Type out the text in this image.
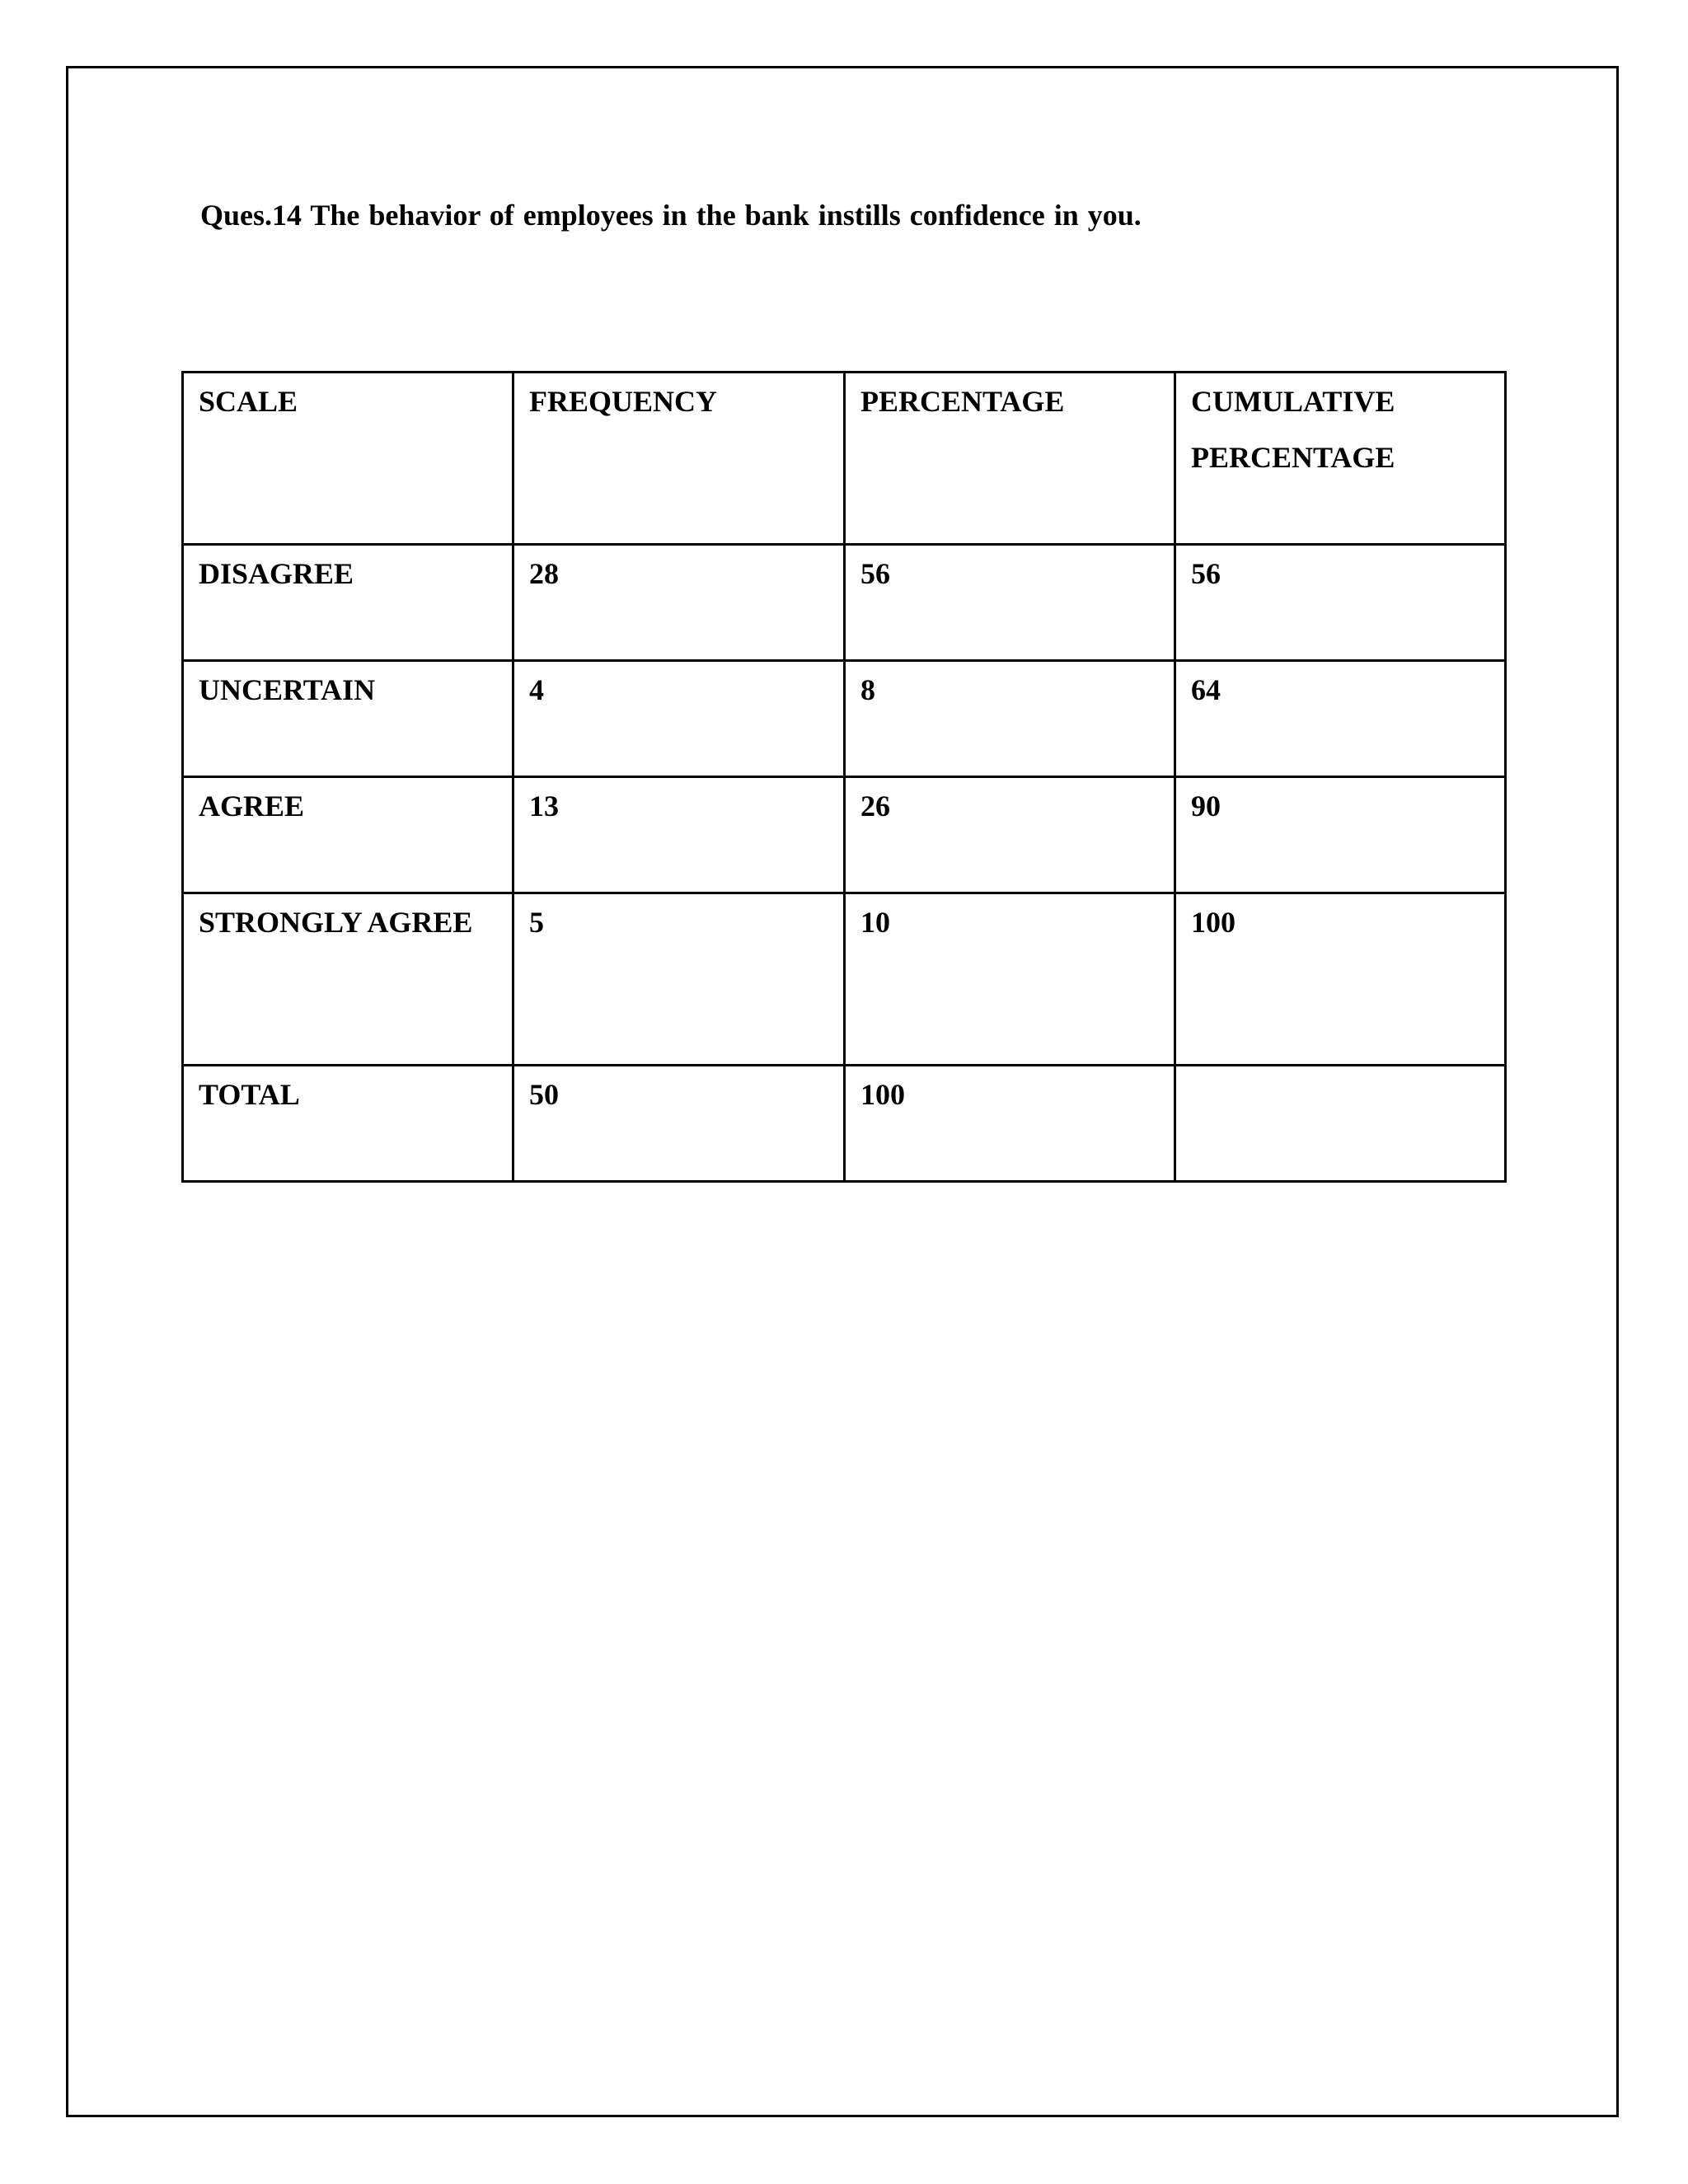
Ques.14 The behavior of employees in the bank instills confidence in you.
SCALE	FREQUENCY	PERCENTAGE	CUMULATIVE PERCENTAGE

DISAGREE	28	56	56

UNCERTAIN	4	8	64

AGREE	13	26	90

STRONGLY AGREE	5	10	100

TOTAL	50	100	
